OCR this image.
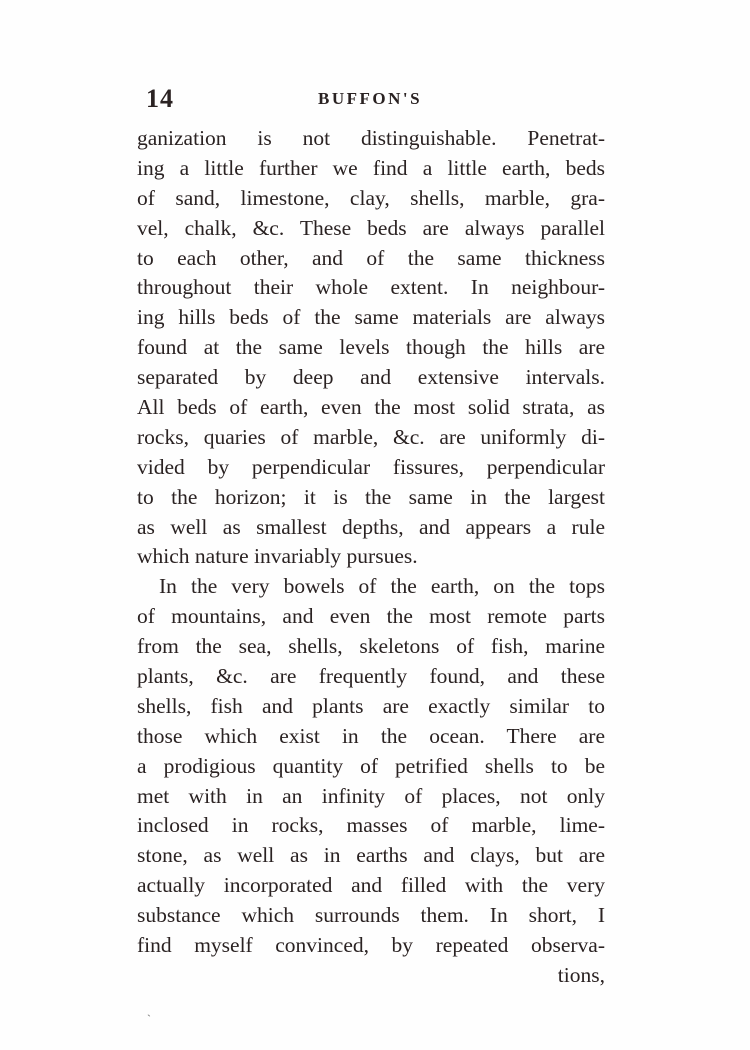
14	BUFFON'S
ganization is not distinguishable. Penetrat-
ing a little further we find a little earth, beds
of sand, limestone, clay, shells, marble, gra-
vel, chalk, &c. These beds are always parallel
to each other, and of the same thickness
throughout their whole extent. In neighbour-
ing hills beds of the same materials are always
found at the same levels though the hills are
separated by deep and extensive intervals.
All beds of earth, even the most solid strata, as
rocks, quaries of marble, &c. are uniformly di-
vided by perpendicular fissures, perpendicular
to the horizon; it is the same in the largest
as well as smallest depths, and appears a rule
which nature invariably pursues.
In the very bowels of the earth, on the tops
of mountains, and even the most remote parts
from the sea, shells, skeletons of fish, marine
plants, &c. are frequently found, and these
shells, fish and plants are exactly similar to
those which exist in the ocean. There are
a prodigious quantity of petrified shells to be
met with in an infinity of places, not only
inclosed in rocks, masses of marble, lime-
stone, as well as in earths and clays, but are
actually incorporated and filled with the very
substance which surrounds them. In short, I
find myself convinced, by repeated observa-
tions,
ˋ
